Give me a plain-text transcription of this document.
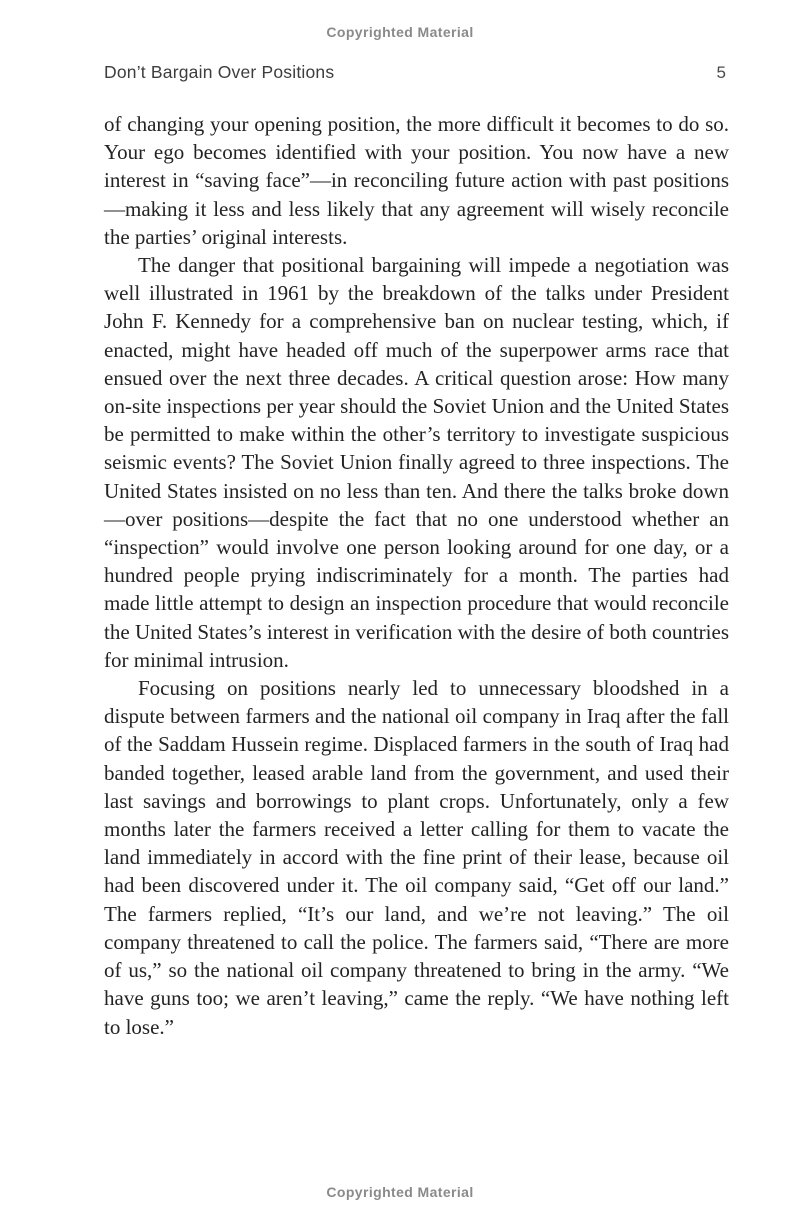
Copyrighted Material
Don’t Bargain Over Positions	5

of changing your opening position, the more difficult it becomes to do so. Your ego becomes identified with your position. You now have a new interest in “saving face”—in reconciling future action with past positions—making it less and less likely that any agreement will wisely reconcile the parties’ original interests.

The danger that positional bargaining will impede a negotiation was well illustrated in 1961 by the breakdown of the talks under President John F. Kennedy for a comprehensive ban on nuclear testing, which, if enacted, might have headed off much of the superpower arms race that ensued over the next three decades. A critical question arose: How many on-site inspections per year should the Soviet Union and the United States be permitted to make within the other’s territory to investigate suspicious seismic events? The Soviet Union finally agreed to three inspections. The United States insisted on no less than ten. And there the talks broke down—over positions—despite the fact that no one understood whether an “inspection” would involve one person looking around for one day, or a hundred people prying indiscriminately for a month. The parties had made little attempt to design an inspection procedure that would reconcile the United States’s interest in verification with the desire of both countries for minimal intrusion.

Focusing on positions nearly led to unnecessary bloodshed in a dispute between farmers and the national oil company in Iraq after the fall of the Saddam Hussein regime. Displaced farmers in the south of Iraq had banded together, leased arable land from the government, and used their last savings and borrowings to plant crops. Unfortunately, only a few months later the farmers received a letter calling for them to vacate the land immediately in accord with the fine print of their lease, because oil had been discovered under it. The oil company said, “Get off our land.” The farmers replied, “It’s our land, and we’re not leaving.” The oil company threatened to call the police. The farmers said, “There are more of us,” so the national oil company threatened to bring in the army. “We have guns too; we aren’t leaving,” came the reply. “We have nothing left to lose.”

Copyrighted Material
